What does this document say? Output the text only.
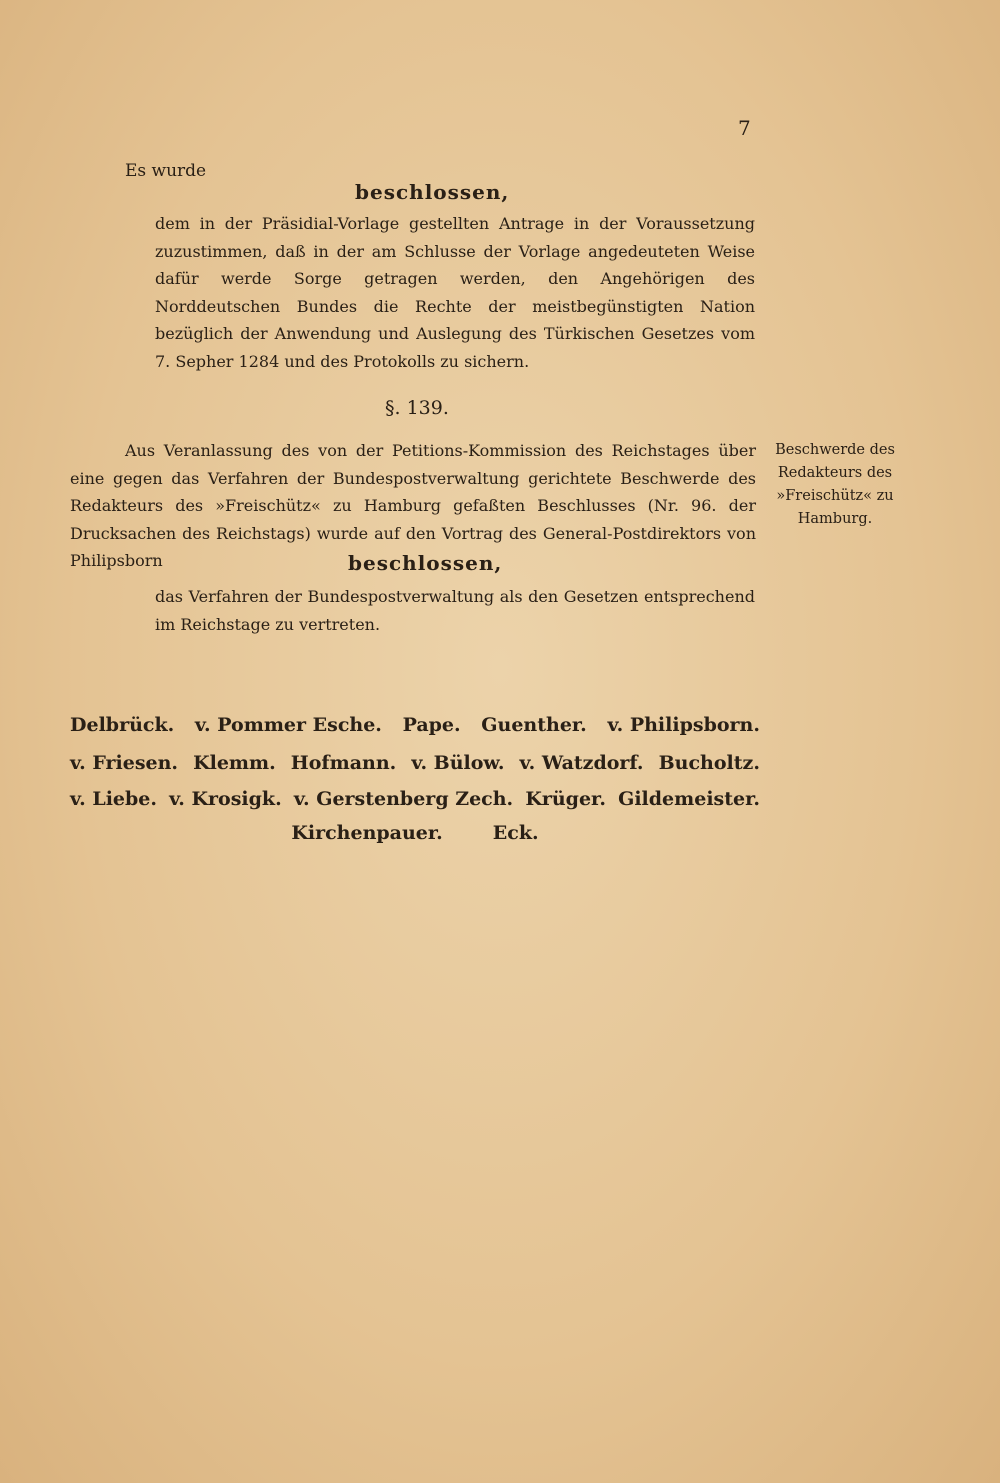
7
Es wurde
beschlossen,
dem in der Präsidial-Vorlage gestellten Antrage in der Voraussetzung zuzustimmen, daß in der am Schlusse der Vorlage angedeuteten Weise dafür werde Sorge getragen werden, den Angehörigen des Norddeutschen Bundes die Rechte der meistbegünstigten Nation bezüglich der Anwendung und Auslegung des Türkischen Gesetzes vom 7. Sepher 1284 und des Protokolls zu sichern.
§. 139.
Aus Veranlassung des von der Petitions-Kommission des Reichstages über eine gegen das Verfahren der Bundespostverwaltung gerichtete Beschwerde des Redakteurs des »Freischütz« zu Hamburg gefaßten Beschlusses (Nr. 96. der Drucksachen des Reichstags) wurde auf den Vortrag des General-Postdirektors von Philipsborn
Beschwerde des Redakteurs des »Freischütz« zu Hamburg.
beschlossen,
das Verfahren der Bundespostverwaltung als den Gesetzen entsprechend im Reichstage zu vertreten.
Delbrück. v. Pommer Esche. Pape. Guenther. v. Philipsborn.
v. Friesen. Klemm. Hofmann. v. Bülow. v. Watzdorf. Bucholtz.
v. Liebe. v. Krosigk. v. Gerstenberg Zech. Krüger. Gildemeister.
Kirchenpauer.	Eck.
